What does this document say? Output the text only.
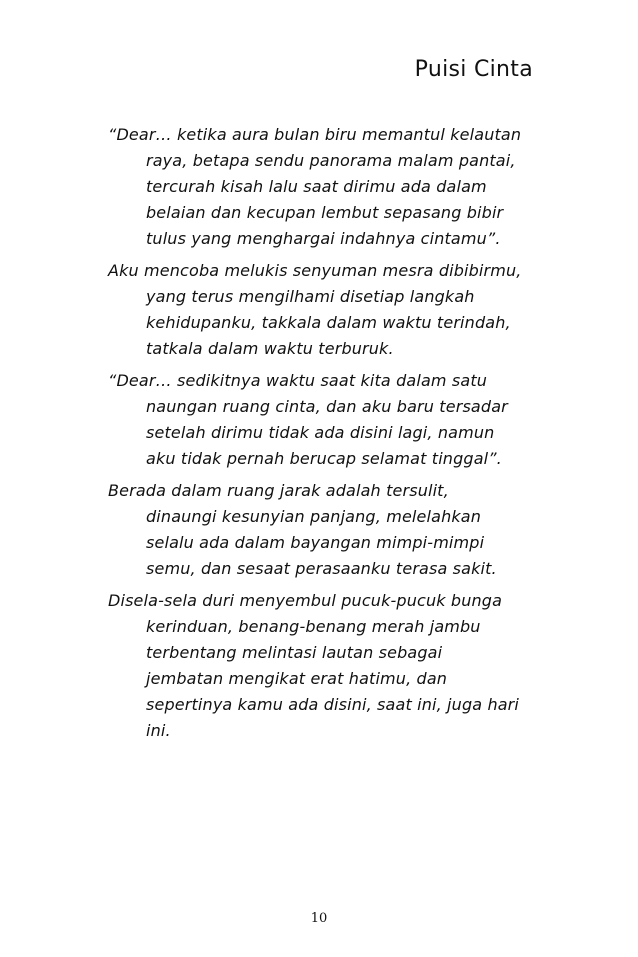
Puisi Cinta
“Dear… ketika aura bulan biru memantul kelautan
raya, betapa sendu panorama malam pantai,
tercurah kisah lalu saat dirimu ada dalam
belaian dan kecupan lembut sepasang bibir
tulus yang menghargai indahnya cintamu”.
Aku mencoba melukis senyuman mesra dibibirmu,
yang terus mengilhami disetiap langkah
kehidupanku, takkala dalam waktu terindah,
tatkala dalam waktu terburuk.
“Dear… sedikitnya waktu saat kita dalam satu
naungan ruang cinta, dan aku baru tersadar
setelah dirimu tidak ada disini lagi, namun
aku tidak pernah berucap selamat tinggal”.
Berada dalam ruang jarak adalah tersulit,
dinaungi kesunyian panjang, melelahkan
selalu ada dalam bayangan mimpi-mimpi
semu, dan sesaat perasaanku terasa sakit.
Disela-sela duri menyembul pucuk-pucuk bunga
kerinduan, benang-benang merah jambu
terbentang melintasi lautan sebagai
jembatan mengikat erat hatimu, dan
sepertinya kamu ada disini, saat ini, juga hari
ini.
10
